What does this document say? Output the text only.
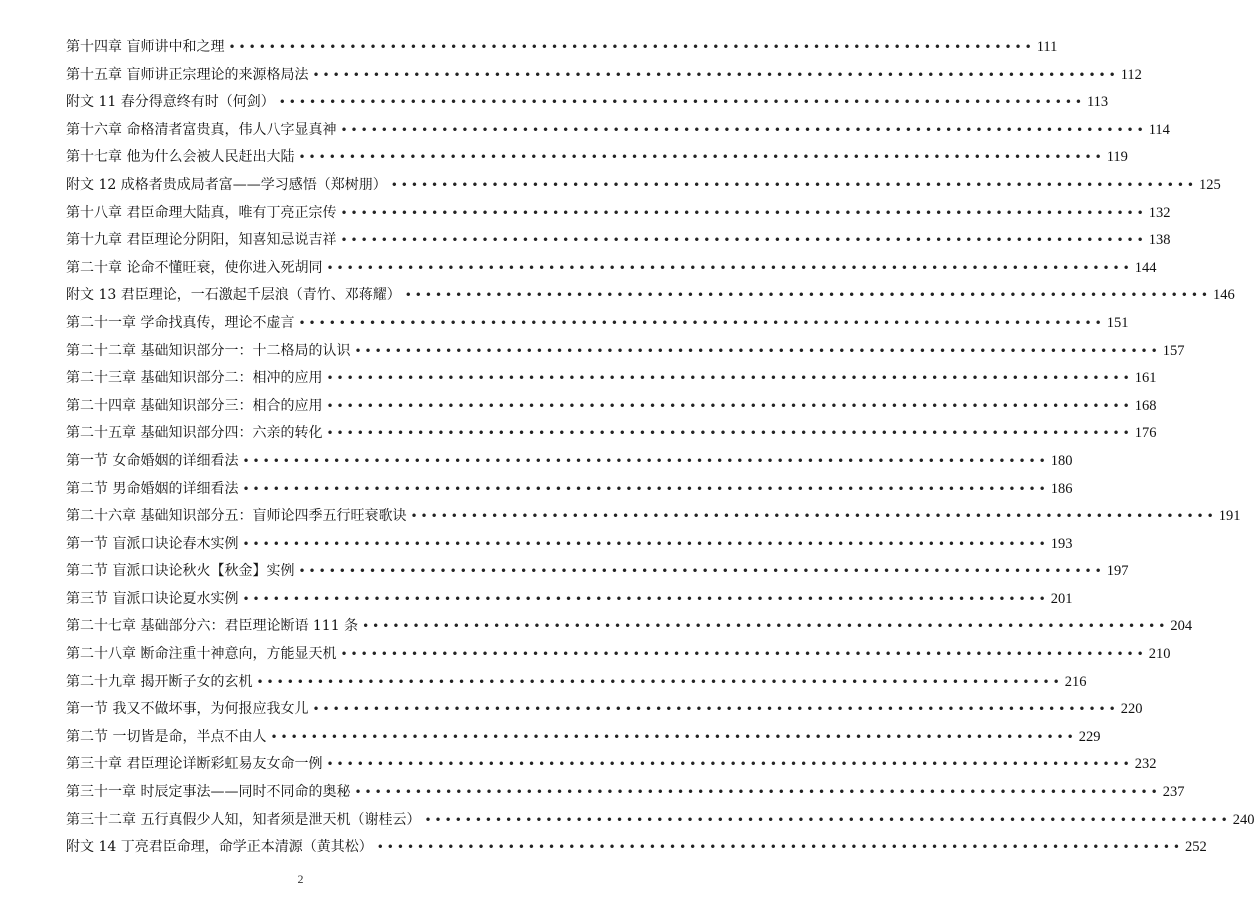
第十四章 盲师讲中和之理 •••••••••••••••••••••••••••••••••••••••••••••••••••••••••••••••••••••••••••••••• 111
第十五章 盲师讲正宗理论的来源格局法 •••••••••••••••••••••••••••••••••••••••••••••••••••••••••••••••••••••••••••••••• 112
附文 11 春分得意终有时（何剑） •••••••••••••••••••••••••••••••••••••••••••••••••••••••••••••••••••••••••••••••• 113
第十六章 命格清者富贵真，伟人八字显真神 •••••••••••••••••••••••••••••••••••••••••••••••••••••••••••••••••••••••••••••••• 114
第十七章 他为什么会被人民赶出大陆 •••••••••••••••••••••••••••••••••••••••••••••••••••••••••••••••••••••••••••••••• 119
附文 12 成格者贵成局者富——学习感悟（郑树朋） •••••••••••••••••••••••••••••••••••••••••••••••••••••••••••••••••••••••••••••••• 125
第十八章 君臣命理大陆真，唯有丁亮正宗传 •••••••••••••••••••••••••••••••••••••••••••••••••••••••••••••••••••••••••••••••• 132
第十九章 君臣理论分阴阳，知喜知忌说吉祥 •••••••••••••••••••••••••••••••••••••••••••••••••••••••••••••••••••••••••••••••• 138
第二十章 论命不懂旺衰，使你进入死胡同 •••••••••••••••••••••••••••••••••••••••••••••••••••••••••••••••••••••••••••••••• 144
附文 13 君臣理论，一石激起千层浪（青竹、邓蒋耀） •••••••••••••••••••••••••••••••••••••••••••••••••••••••••••••••••••••••••••••••• 146
第二十一章 学命找真传，理论不虚言 •••••••••••••••••••••••••••••••••••••••••••••••••••••••••••••••••••••••••••••••• 151
第二十二章 基础知识部分一：十二格局的认识 •••••••••••••••••••••••••••••••••••••••••••••••••••••••••••••••••••••••••••••••• 157
第二十三章 基础知识部分二：相冲的应用 •••••••••••••••••••••••••••••••••••••••••••••••••••••••••••••••••••••••••••••••• 161
第二十四章 基础知识部分三：相合的应用 •••••••••••••••••••••••••••••••••••••••••••••••••••••••••••••••••••••••••••••••• 168
第二十五章 基础知识部分四：六亲的转化 •••••••••••••••••••••••••••••••••••••••••••••••••••••••••••••••••••••••••••••••• 176
第一节 女命婚姻的详细看法 •••••••••••••••••••••••••••••••••••••••••••••••••••••••••••••••••••••••••••••••• 180
第二节 男命婚姻的详细看法 •••••••••••••••••••••••••••••••••••••••••••••••••••••••••••••••••••••••••••••••• 186
第二十六章 基础知识部分五：盲师论四季五行旺衰歌诀 •••••••••••••••••••••••••••••••••••••••••••••••••••••••••••••••••••••••••••••••• 191
第一节 盲派口诀论春木实例 •••••••••••••••••••••••••••••••••••••••••••••••••••••••••••••••••••••••••••••••• 193
第二节 盲派口诀论秋火【秋金】实例 •••••••••••••••••••••••••••••••••••••••••••••••••••••••••••••••••••••••••••••••• 197
第三节 盲派口诀论夏水实例 •••••••••••••••••••••••••••••••••••••••••••••••••••••••••••••••••••••••••••••••• 201
第二十七章 基础部分六：君臣理论断语 111 条 •••••••••••••••••••••••••••••••••••••••••••••••••••••••••••••••••••••••••••••••• 204
第二十八章 断命注重十神意向，方能显天机 •••••••••••••••••••••••••••••••••••••••••••••••••••••••••••••••••••••••••••••••• 210
第二十九章 揭开断子女的玄机 •••••••••••••••••••••••••••••••••••••••••••••••••••••••••••••••••••••••••••••••• 216
第一节 我又不做坏事，为何报应我女儿 •••••••••••••••••••••••••••••••••••••••••••••••••••••••••••••••••••••••••••••••• 220
第二节 一切皆是命，半点不由人 •••••••••••••••••••••••••••••••••••••••••••••••••••••••••••••••••••••••••••••••• 229
第三十章 君臣理论详断彩虹易友女命一例 •••••••••••••••••••••••••••••••••••••••••••••••••••••••••••••••••••••••••••••••• 232
第三十一章 时辰定事法——同时不同命的奥秘 •••••••••••••••••••••••••••••••••••••••••••••••••••••••••••••••••••••••••••••••• 237
第三十二章 五行真假少人知，知者须是泄天机（谢桂云） •••••••••••••••••••••••••••••••••••••••••••••••••••••••••••••••••••••••••••••••• 240
附文 14 丁亮君臣命理，命学正本清源（黄其松） •••••••••••••••••••••••••••••••••••••••••••••••••••••••••••••••••••••••••••••••• 252
2
